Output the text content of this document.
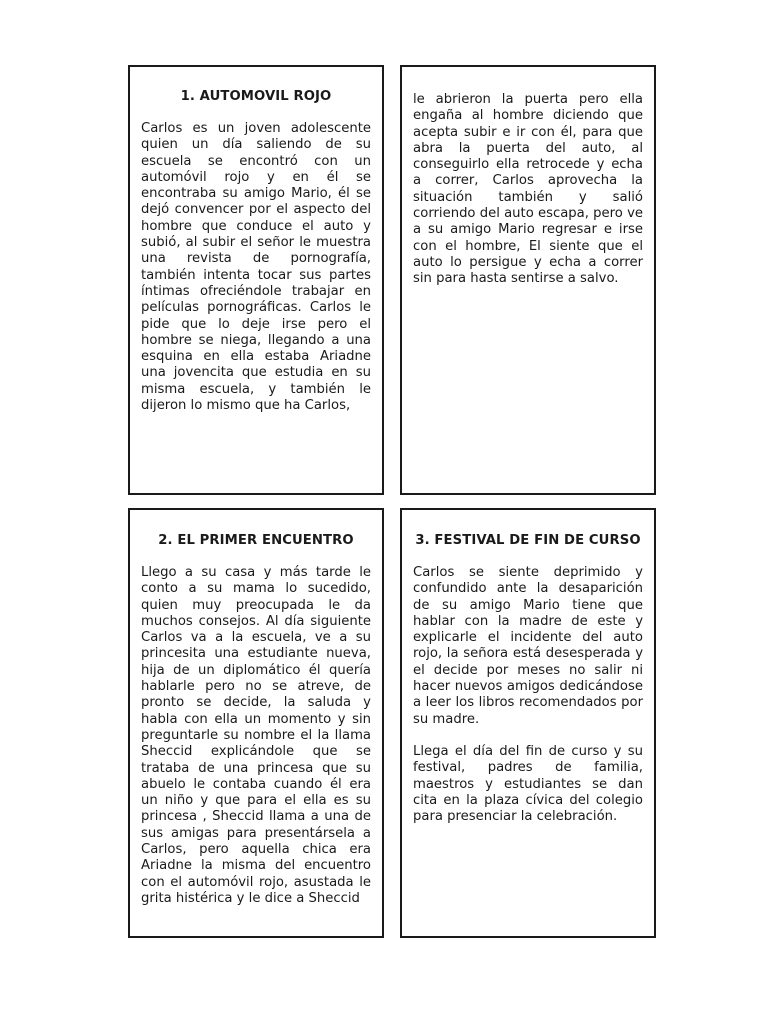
1. AUTOMOVIL ROJO

Carlos es un joven adolescente quien un día saliendo de su escuela se encontró con un automóvil rojo y en él se encontraba su amigo Mario, él se dejó convencer por el aspecto del hombre que conduce el auto y subió, al subir el señor le muestra una revista de pornografía, también intenta tocar sus partes íntimas ofreciéndole trabajar en películas pornográficas. Carlos le pide que lo deje irse pero el hombre se niega, llegando a una esquina en ella estaba Ariadne una jovencita que estudia en su misma escuela, y también le dijeron lo mismo que ha Carlos,

le abrieron la puerta pero ella engaña al hombre diciendo que acepta subir e ir con él, para que abra la puerta del auto, al conseguirlo ella retrocede y echa a correr, Carlos aprovecha la situación también y salió corriendo del auto escapa, pero ve a su amigo Mario regresar e irse con el hombre, El siente que el auto lo persigue y echa a correr sin para hasta sentirse a salvo.

2. EL PRIMER ENCUENTRO

Llego a su casa y más tarde le conto a su mama lo sucedido, quien muy preocupada le da muchos consejos. Al día siguiente Carlos va a la escuela, ve a su princesita una estudiante nueva, hija de un diplomático él quería hablarle pero no se atreve, de pronto se decide, la saluda y habla con ella un momento y sin preguntarle su nombre el la llama Sheccid explicándole que se trataba de una princesa que su abuelo le contaba cuando él era un niño y que para el ella es su princesa , Sheccid llama a una de sus amigas para presentársela a Carlos, pero aquella chica era Ariadne la misma del encuentro con el automóvil rojo, asustada le grita histérica y le dice a Sheccid

3. FESTIVAL DE FIN DE CURSO

Carlos se siente deprimido y confundido ante la desaparición de su amigo Mario tiene que hablar con la madre de este y explicarle el incidente del auto rojo, la señora está desesperada y el decide por meses no salir ni hacer nuevos amigos dedicándose a leer los libros recomendados por su madre.

Llega el día del fin de curso y su festival, padres de familia, maestros y estudiantes se dan cita en la plaza cívica del colegio para presenciar la celebración.
